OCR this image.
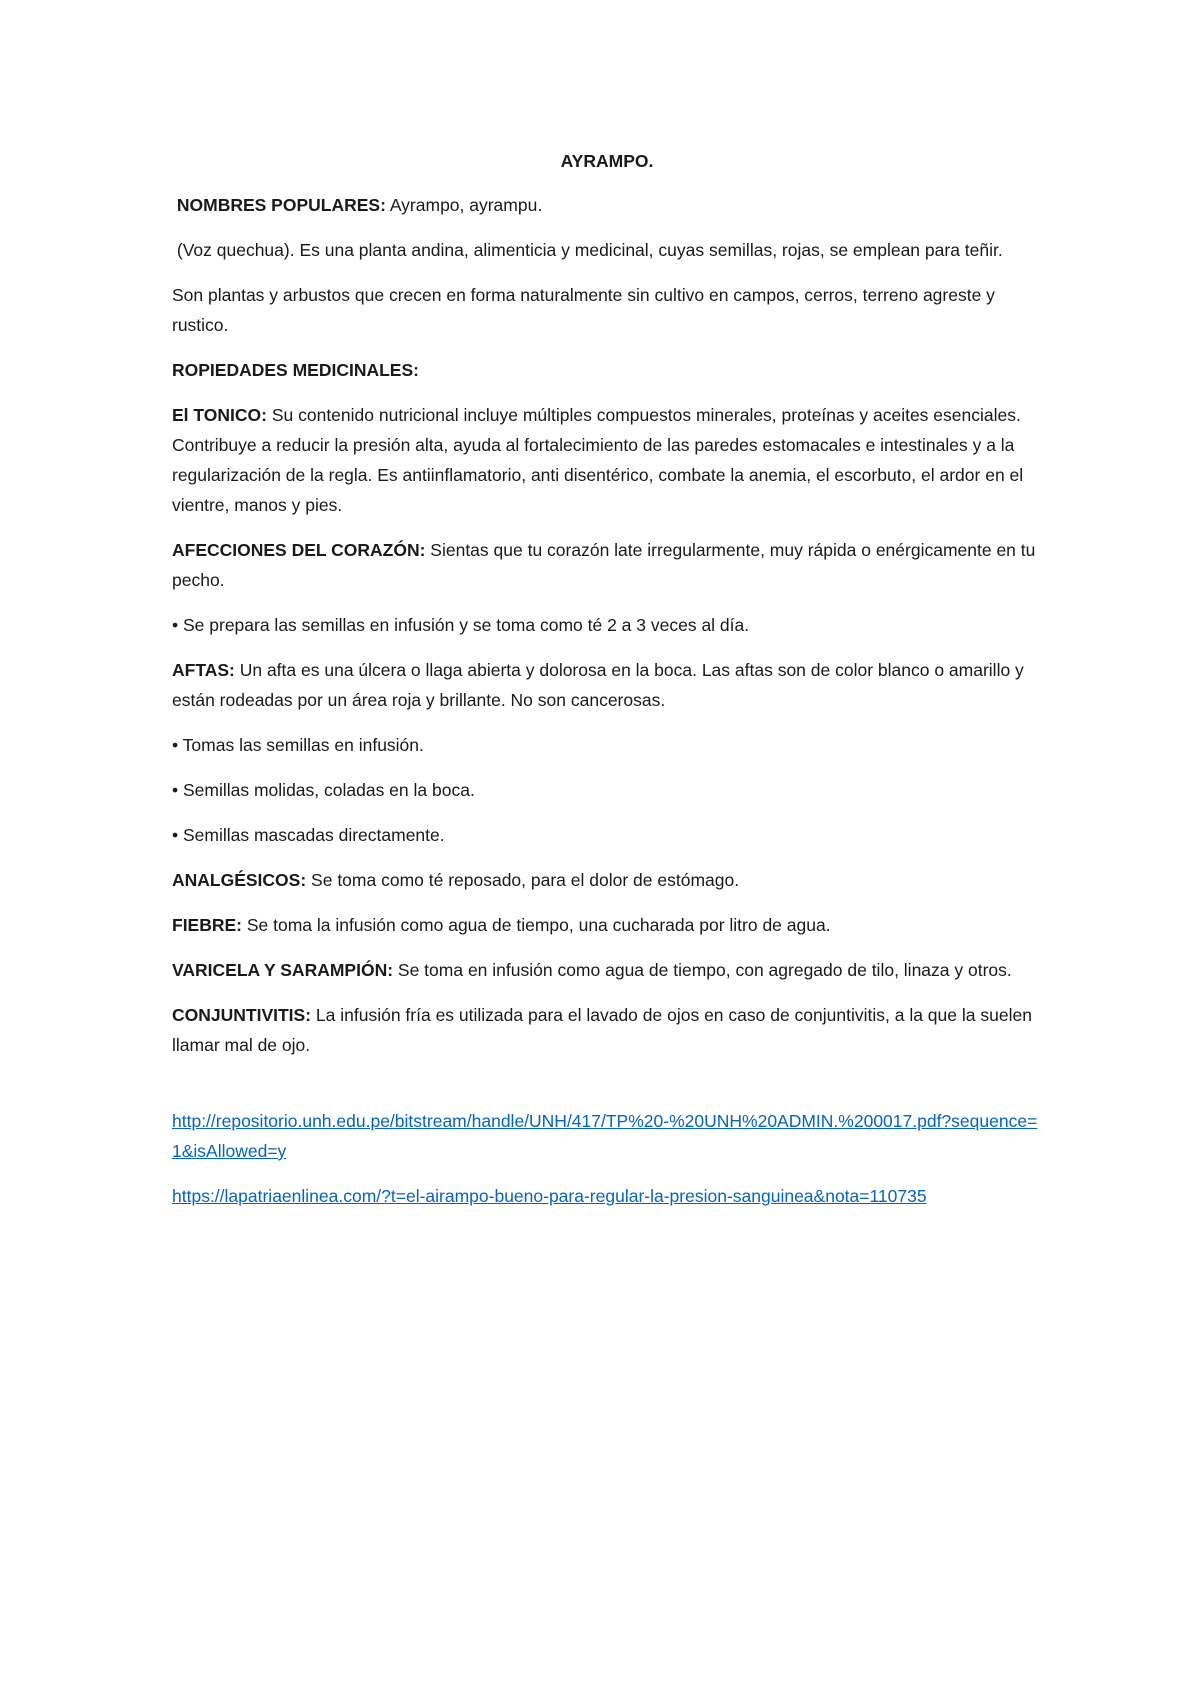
AYRAMPO.

NOMBRES POPULARES: Ayrampo, ayrampu.

(Voz quechua). Es una planta andina, alimenticia y medicinal, cuyas semillas, rojas, se emplean para teñir.

Son plantas y arbustos que crecen en forma naturalmente sin cultivo en campos, cerros, terreno agreste y rustico.

ROPIEDADES MEDICINALES:

El TONICO: Su contenido nutricional incluye múltiples compuestos minerales, proteínas y aceites esenciales. Contribuye a reducir la presión alta, ayuda al fortalecimiento de las paredes estomacales e intestinales y a la regularización de la regla. Es antiinflamatorio, anti disentérico, combate la anemia, el escorbuto, el ardor en el vientre, manos y pies.

AFECCIONES DEL CORAZÓN: Sientas que tu corazón late irregularmente, muy rápida o enérgicamente en tu pecho.

• Se prepara las semillas en infusión y se toma como té 2 a 3 veces al día.

AFTAS: Un afta es una úlcera o llaga abierta y dolorosa en la boca. Las aftas son de color blanco o amarillo y están rodeadas por un área roja y brillante. No son cancerosas.

• Tomas las semillas en infusión.

• Semillas molidas, coladas en la boca.

• Semillas mascadas directamente.

ANALGÉSICOS: Se toma como té reposado, para el dolor de estómago.

FIEBRE: Se toma la infusión como agua de tiempo, una cucharada por litro de agua.

VARICELA Y SARAMPIÓN: Se toma en infusión como agua de tiempo, con agregado de tilo, linaza y otros.

CONJUNTIVITIS: La infusión fría es utilizada para el lavado de ojos en caso de conjuntivitis, a la que la suelen llamar mal de ojo.

http://repositorio.unh.edu.pe/bitstream/handle/UNH/417/TP%20-%20UNH%20ADMIN.%200017.pdf?sequence=1&isAllowed=y

https://lapatriaenlinea.com/?t=el-airampo-bueno-para-regular-la-presion-sanguinea&nota=110735
